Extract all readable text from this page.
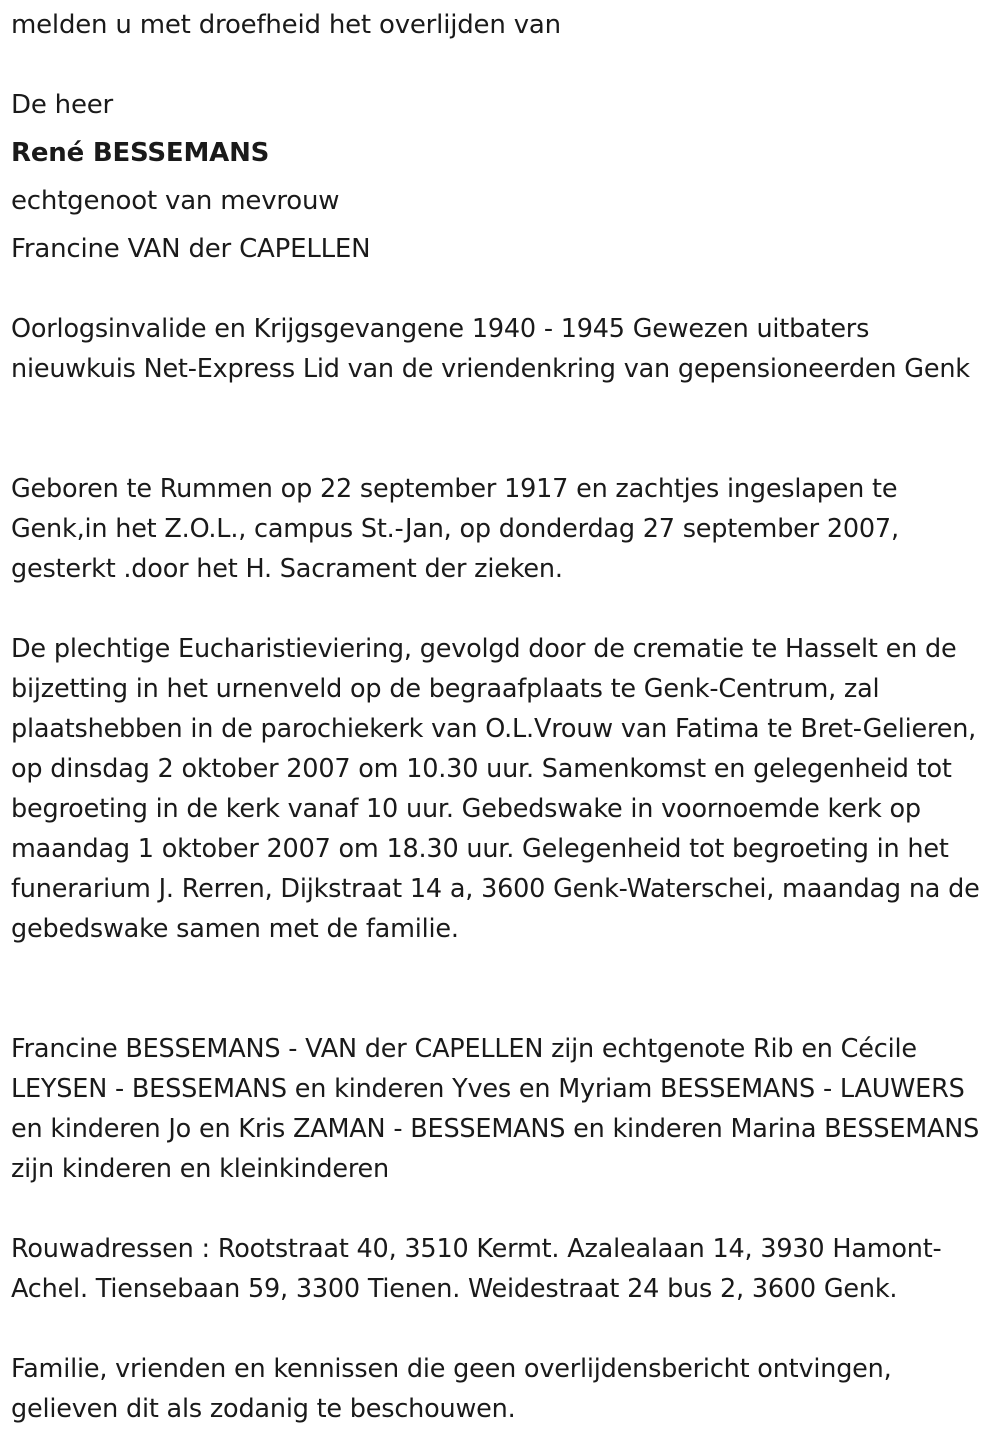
melden u met droefheid het overlijden van

De heer

René BESSEMANS

echtgenoot van mevrouw

Francine VAN der CAPELLEN

Oorlogsinvalide en Krijgsgevangene 1940 - 1945 Gewezen uitbaters nieuwkuis Net-Express Lid van de vriendenkring van gepensioneerden Genk

Geboren te Rummen op 22 september 1917 en zachtjes ingeslapen te Genk,in het Z.O.L., campus St.-Jan, op donderdag 27 september 2007, gesterkt .door het H. Sacrament der zieken.

De plechtige Eucharistieviering, gevolgd door de crematie te Hasselt en de bijzetting in het urnenveld op de begraafplaats te Genk-Centrum, zal plaatshebben in de parochiekerk van O.L.Vrouw van Fatima te Bret-Gelieren, op dinsdag 2 oktober 2007 om 10.30 uur. Samenkomst en gelegenheid tot begroeting in de kerk vanaf 10 uur. Gebedswake in voornoemde kerk op maandag 1 oktober 2007 om 18.30 uur. Gelegenheid tot begroeting in het funerarium J. Rerren, Dijkstraat 14 a, 3600 Genk-Waterschei, maandag na de gebedswake samen met de familie.

Francine BESSEMANS - VAN der CAPELLEN zijn echtgenote Rib en Cécile LEYSEN - BESSEMANS en kinderen Yves en Myriam BESSEMANS - LAUWERS en kinderen Jo en Kris ZAMAN - BESSEMANS en kinderen Marina BESSEMANS zijn kinderen en kleinkinderen

Rouwadressen : Rootstraat 40, 3510 Kermt. Azalealaan 14, 3930 Hamont-Achel. Tiensebaan 59, 3300 Tienen. Weidestraat 24 bus 2, 3600 Genk.

Familie, vrienden en kennissen die geen overlijdensbericht ontvingen, gelieven dit als zodanig te beschouwen.
